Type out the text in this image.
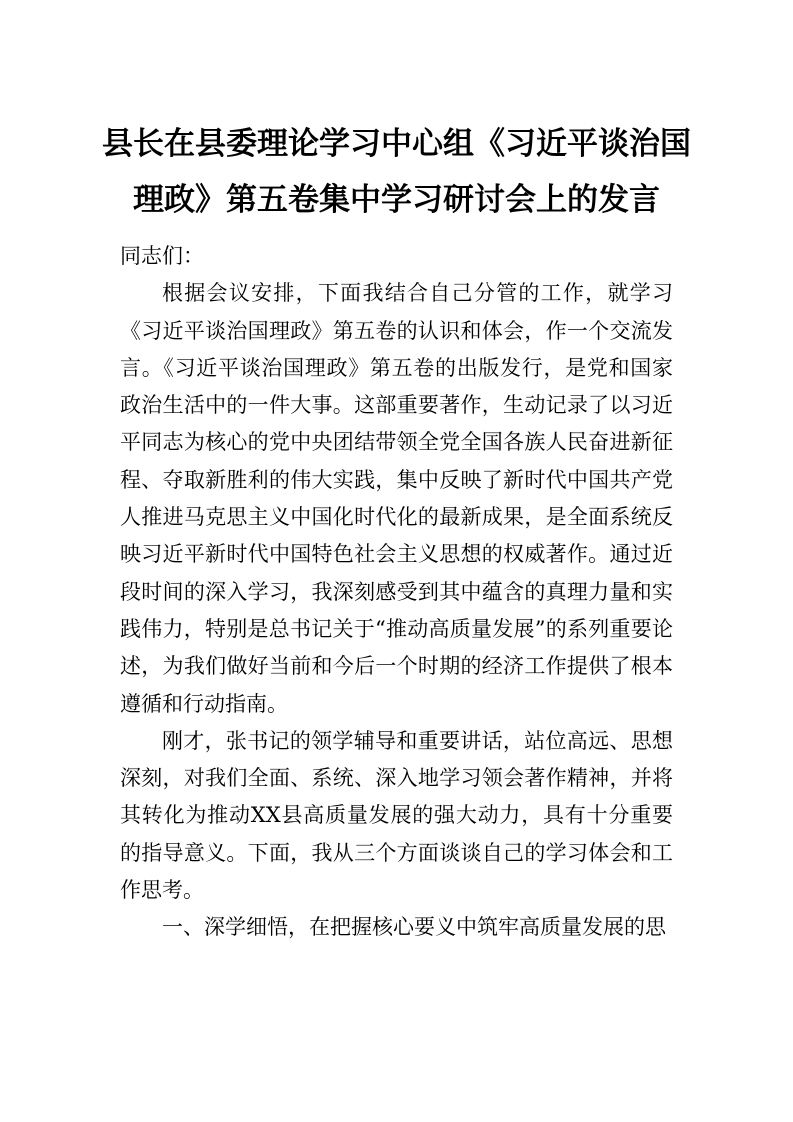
县长在县委理论学习中心组《习近平谈治国
理政》第五卷集中学习研讨会上的发言

同志们：

根据会议安排，下面我结合自己分管的工作，就学习《习近平谈治国理政》第五卷的认识和体会，作一个交流发言。《习近平谈治国理政》第五卷的出版发行，是党和国家政治生活中的一件大事。这部重要著作，生动记录了以习近平同志为核心的党中央团结带领全党全国各族人民奋进新征程、夺取新胜利的伟大实践，集中反映了新时代中国共产党人推进马克思主义中国化时代化的最新成果，是全面系统反映习近平新时代中国特色社会主义思想的权威著作。通过近段时间的深入学习，我深刻感受到其中蕴含的真理力量和实践伟力，特别是总书记关于“推动高质量发展”的系列重要论述，为我们做好当前和今后一个时期的经济工作提供了根本遵循和行动指南。

刚才，张书记的领学辅导和重要讲话，站位高远、思想深刻，对我们全面、系统、深入地学习领会著作精神，并将其转化为推动XX县高质量发展的强大动力，具有十分重要的指导意义。下面，我从三个方面谈谈自己的学习体会和工作思考。

一、深学细悟，在把握核心要义中筑牢高质量发展的思
